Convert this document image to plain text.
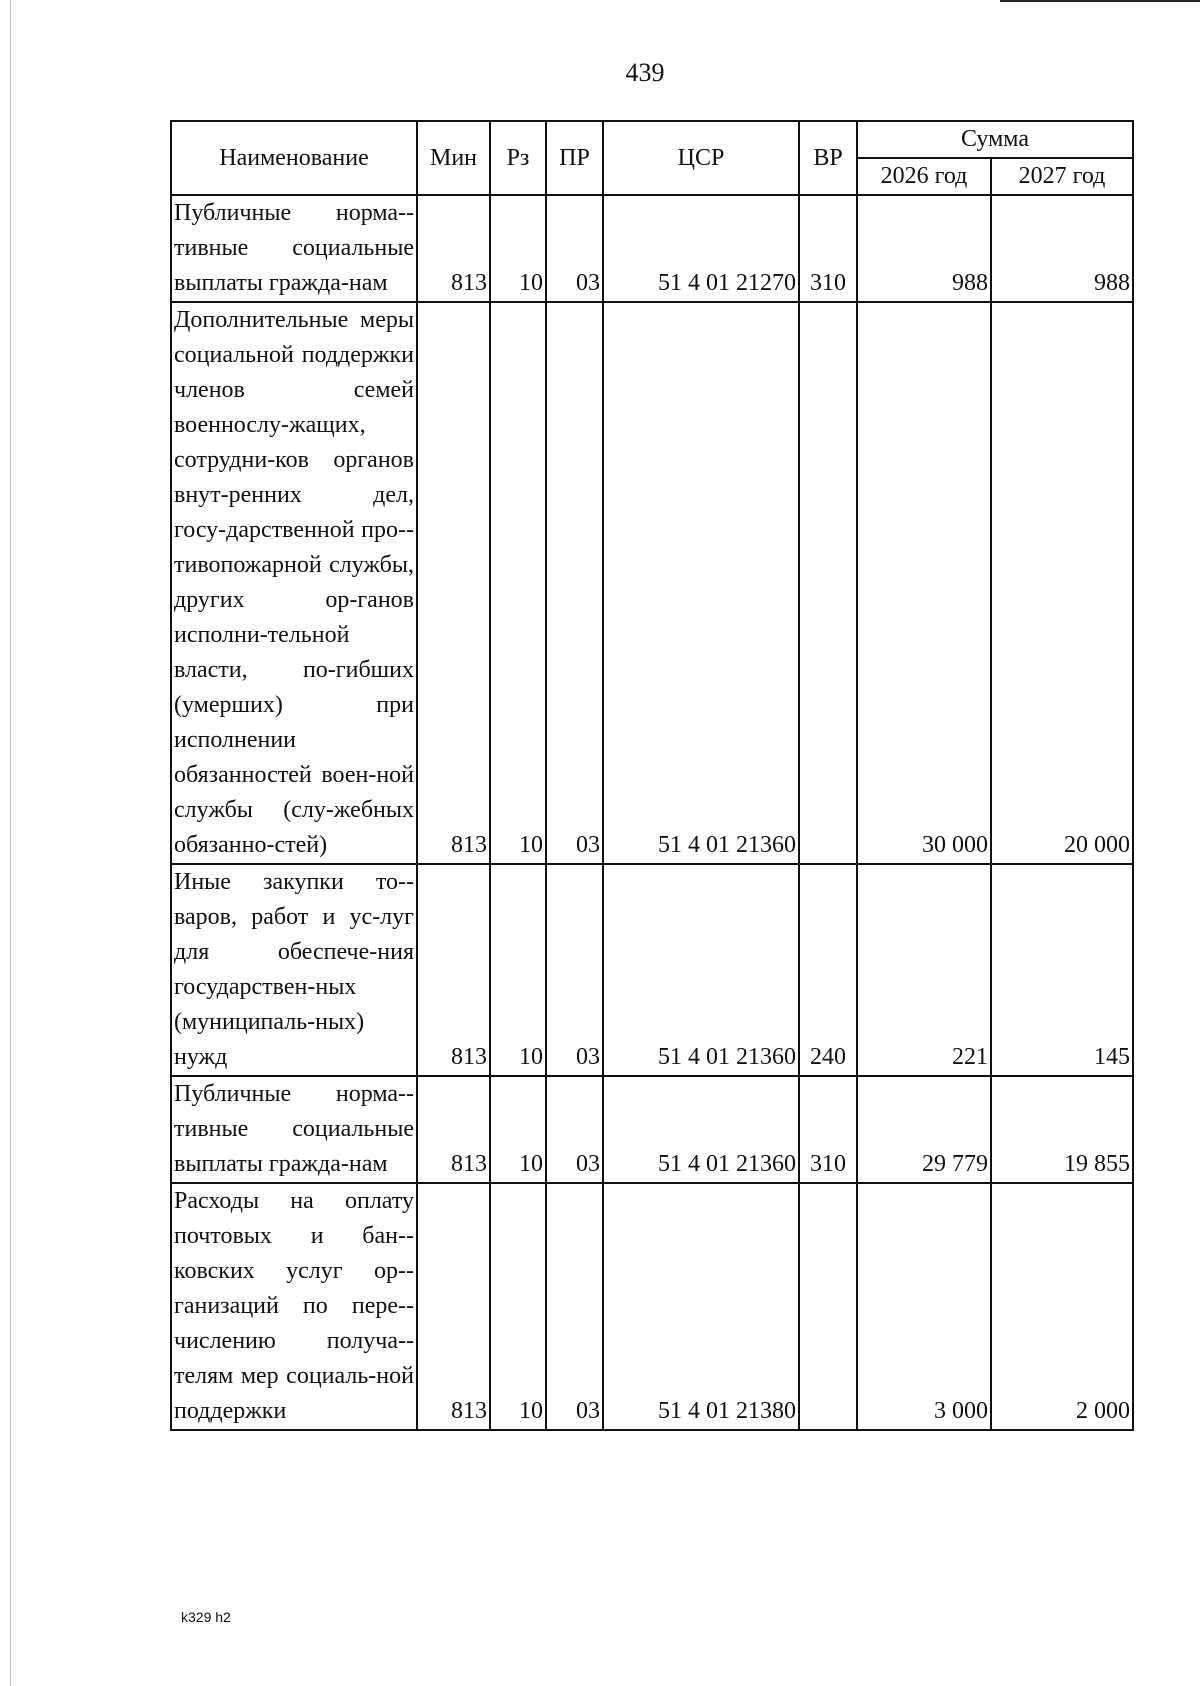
439
Наименование	Мин	Рз	ПР	ЦСР	ВР	Сумма	
						2026 год	2027 год
Публичные норма-тивные социальные выплаты гражда-нам	813	10	03	51 4 01 21270	310	988	988
Дополнительные меры социальной поддержки членов семей военнослу-жащих, сотрудни-ков органов внут-ренних дел, госу-дарственной про-тивопожарной службы, других ор-ганов исполни-тельной власти, по-гибших (умерших) при исполнении обязанностей воен-ной службы (слу-жебных обязанно-стей)	813	10	03	51 4 01 21360		30 000	20 000
Иные закупки то-варов, работ и ус-луг для обеспече-ния государствен-ных (муниципаль-ных) нужд	813	10	03	51 4 01 21360	240	221	145
Публичные норма-тивные социальные выплаты гражда-нам	813	10	03	51 4 01 21360	310	29 779	19 855
Расходы на оплату почтовых и бан-ковских услуг ор-ганизаций по пере-числению получа-телям мер социаль-ной поддержки	813	10	03	51 4 01 21380		3 000	2 000
k329 h2
